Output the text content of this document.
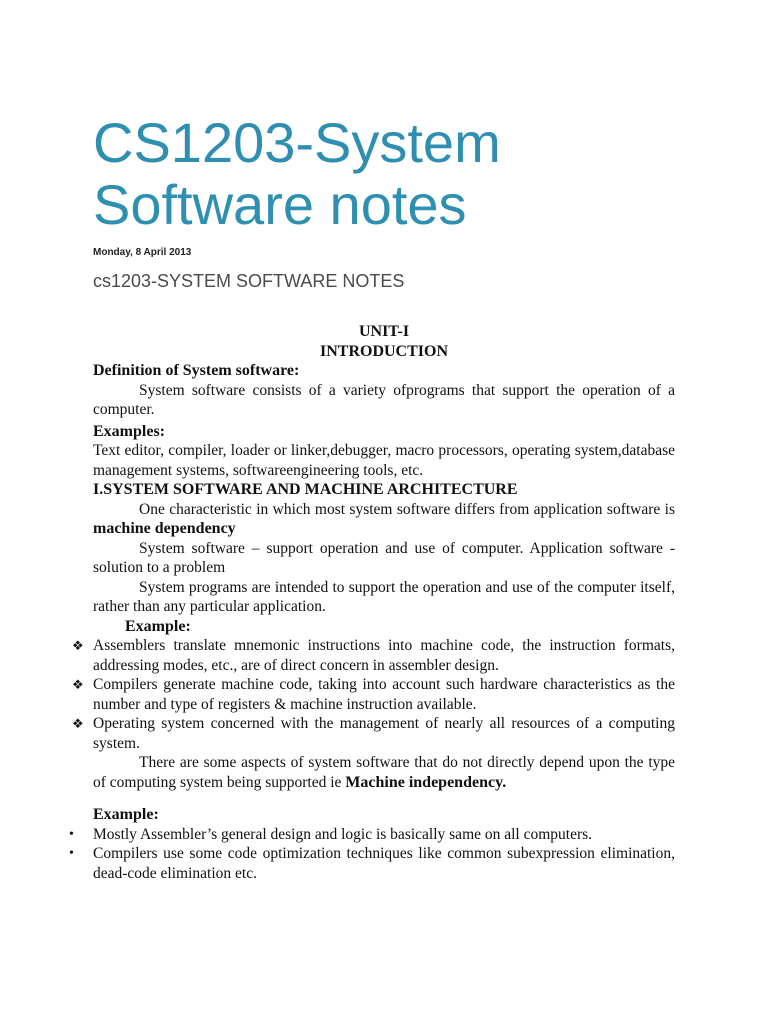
CS1203-System Software notes
Monday, 8 April 2013
cs1203-SYSTEM SOFTWARE NOTES

UNIT-I

INTRODUCTION

Definition of System software:

System software consists of a variety ofprograms that support the operation of a computer.

Examples:

Text editor, compiler, loader or linker,debugger, macro processors, operating system,database management systems, softwareengineering tools, etc.

I.SYSTEM SOFTWARE AND MACHINE ARCHITECTURE

One characteristic in which most system software differs from application software is machine dependency

System software – support operation and use of computer. Application software - solution to a problem

System programs are intended to support the operation and use of the computer itself, rather than any particular application.

Example:

❖ Assemblers translate mnemonic instructions into machine code, the instruction formats, addressing modes, etc., are of direct concern in assembler design.
❖ Compilers generate machine code, taking into account such hardware characteristics as the number and type of registers & machine instruction available.
❖ Operating system concerned with the management of nearly all resources of a computing system.

There are some aspects of system software that do not directly depend upon the type of computing system being supported ie Machine independency.

Example:

• Mostly Assembler’s general design and logic is basically same on all computers.
• Compilers use some code optimization techniques like common subexpression elimination, dead-code elimination etc.
